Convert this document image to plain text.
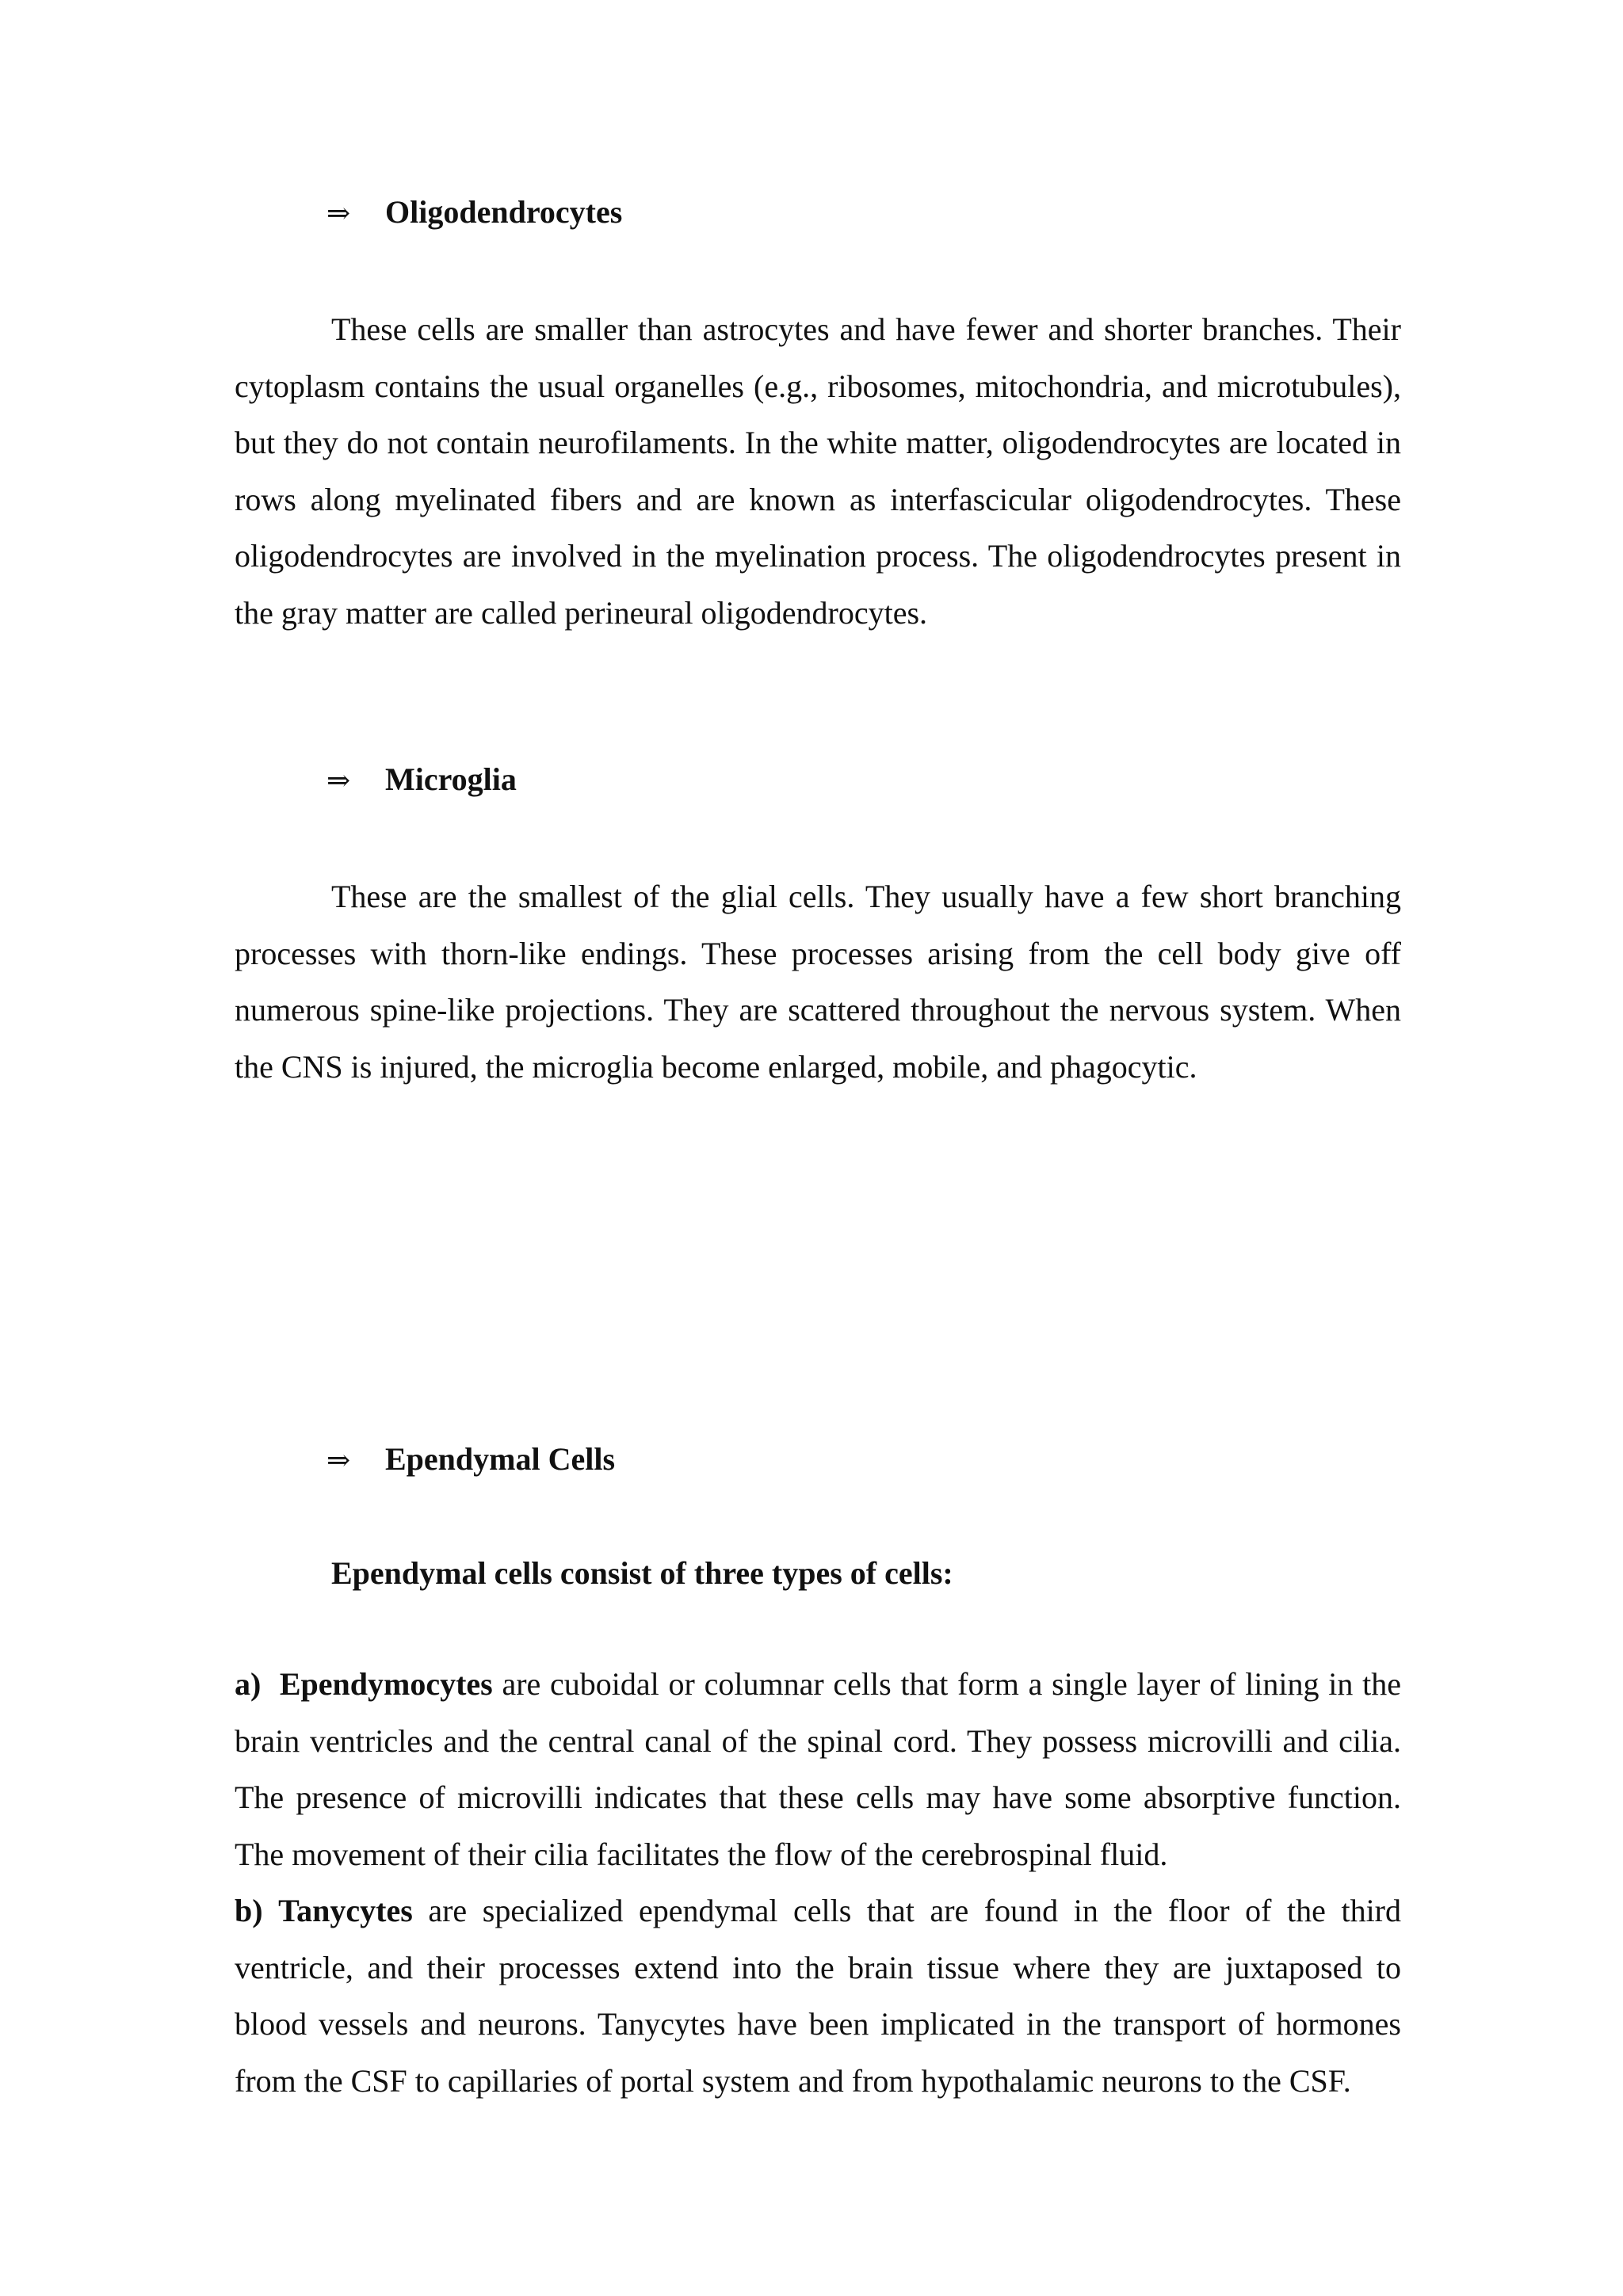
⇒ Oligodendrocytes
These cells are smaller than astrocytes and have fewer and shorter branches. Their cytoplasm contains the usual organelles (e.g., ribosomes, mitochondria, and microtubules), but they do not contain neurofilaments. In the white matter, oligodendrocytes are located in rows along myelinated fibers and are known as interfascicular oligodendrocytes. These oligodendrocytes are involved in the myelination process. The oligodendrocytes present in the gray matter are called perineural oligodendrocytes.
⇒ Microglia
These are the smallest of the glial cells. They usually have a few short branching processes with thorn-like endings. These processes arising from the cell body give off numerous spine-like projections. They are scattered throughout the nervous system. When the CNS is injured, the microglia become enlarged, mobile, and phagocytic.
⇒ Ependymal Cells
Ependymal cells consist of three types of cells:
a) Ependymocytes are cuboidal or columnar cells that form a single layer of lining in the brain ventricles and the central canal of the spinal cord. They possess microvilli and cilia. The presence of microvilli indicates that these cells may have some absorptive function. The movement of their cilia facilitates the flow of the cerebrospinal fluid.
b) Tanycytes are specialized ependymal cells that are found in the floor of the third ventricle, and their processes extend into the brain tissue where they are juxtaposed to blood vessels and neurons. Tanycytes have been implicated in the transport of hormones from the CSF to capillaries of portal system and from hypothalamic neurons to the CSF.
